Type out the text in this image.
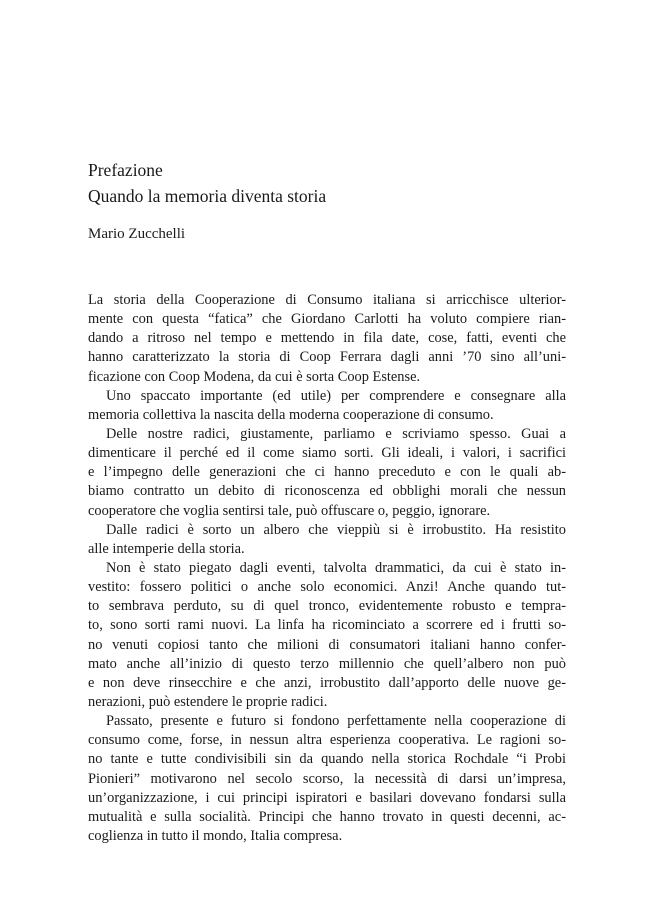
Prefazione
Quando la memoria diventa storia

Mario Zucchelli

La storia della Cooperazione di Consumo italiana si arricchisce ulterior-
mente con questa “fatica” che Giordano Carlotti ha voluto compiere rian-
dando a ritroso nel tempo e mettendo in fila date, cose, fatti, eventi che
hanno caratterizzato la storia di Coop Ferrara dagli anni ’70 sino all’uni-
ficazione con Coop Modena, da cui è sorta Coop Estense.
Uno spaccato importante (ed utile) per comprendere e consegnare alla
memoria collettiva la nascita della moderna cooperazione di consumo.
Delle nostre radici, giustamente, parliamo e scriviamo spesso. Guai a
dimenticare il perché ed il come siamo sorti. Gli ideali, i valori, i sacrifici
e l’impegno delle generazioni che ci hanno preceduto e con le quali ab-
biamo contratto un debito di riconoscenza ed obblighi morali che nessun
cooperatore che voglia sentirsi tale, può offuscare o, peggio, ignorare.
Dalle radici è sorto un albero che vieppiù si è irrobustito. Ha resistito
alle intemperie della storia.
Non è stato piegato dagli eventi, talvolta drammatici, da cui è stato in-
vestito: fossero politici o anche solo economici. Anzi! Anche quando tut-
to sembrava perduto, su di quel tronco, evidentemente robusto e tempra-
to, sono sorti rami nuovi. La linfa ha ricominciato a scorrere ed i frutti so-
no venuti copiosi tanto che milioni di consumatori italiani hanno confer-
mato anche all’inizio di questo terzo millennio che quell’albero non può
e non deve rinsecchire e che anzi, irrobustito dall’apporto delle nuove ge-
nerazioni, può estendere le proprie radici.
Passato, presente e futuro si fondono perfettamente nella cooperazione di
consumo come, forse, in nessun altra esperienza cooperativa. Le ragioni so-
no tante e tutte condivisibili sin da quando nella storica Rochdale “i Probi
Pionieri” motivarono nel secolo scorso, la necessità di darsi un’impresa,
un’organizzazione, i cui principi ispiratori e basilari dovevano fondarsi sulla
mutualità e sulla socialità. Principi che hanno trovato in questi decenni, ac-
coglienza in tutto il mondo, Italia compresa.
